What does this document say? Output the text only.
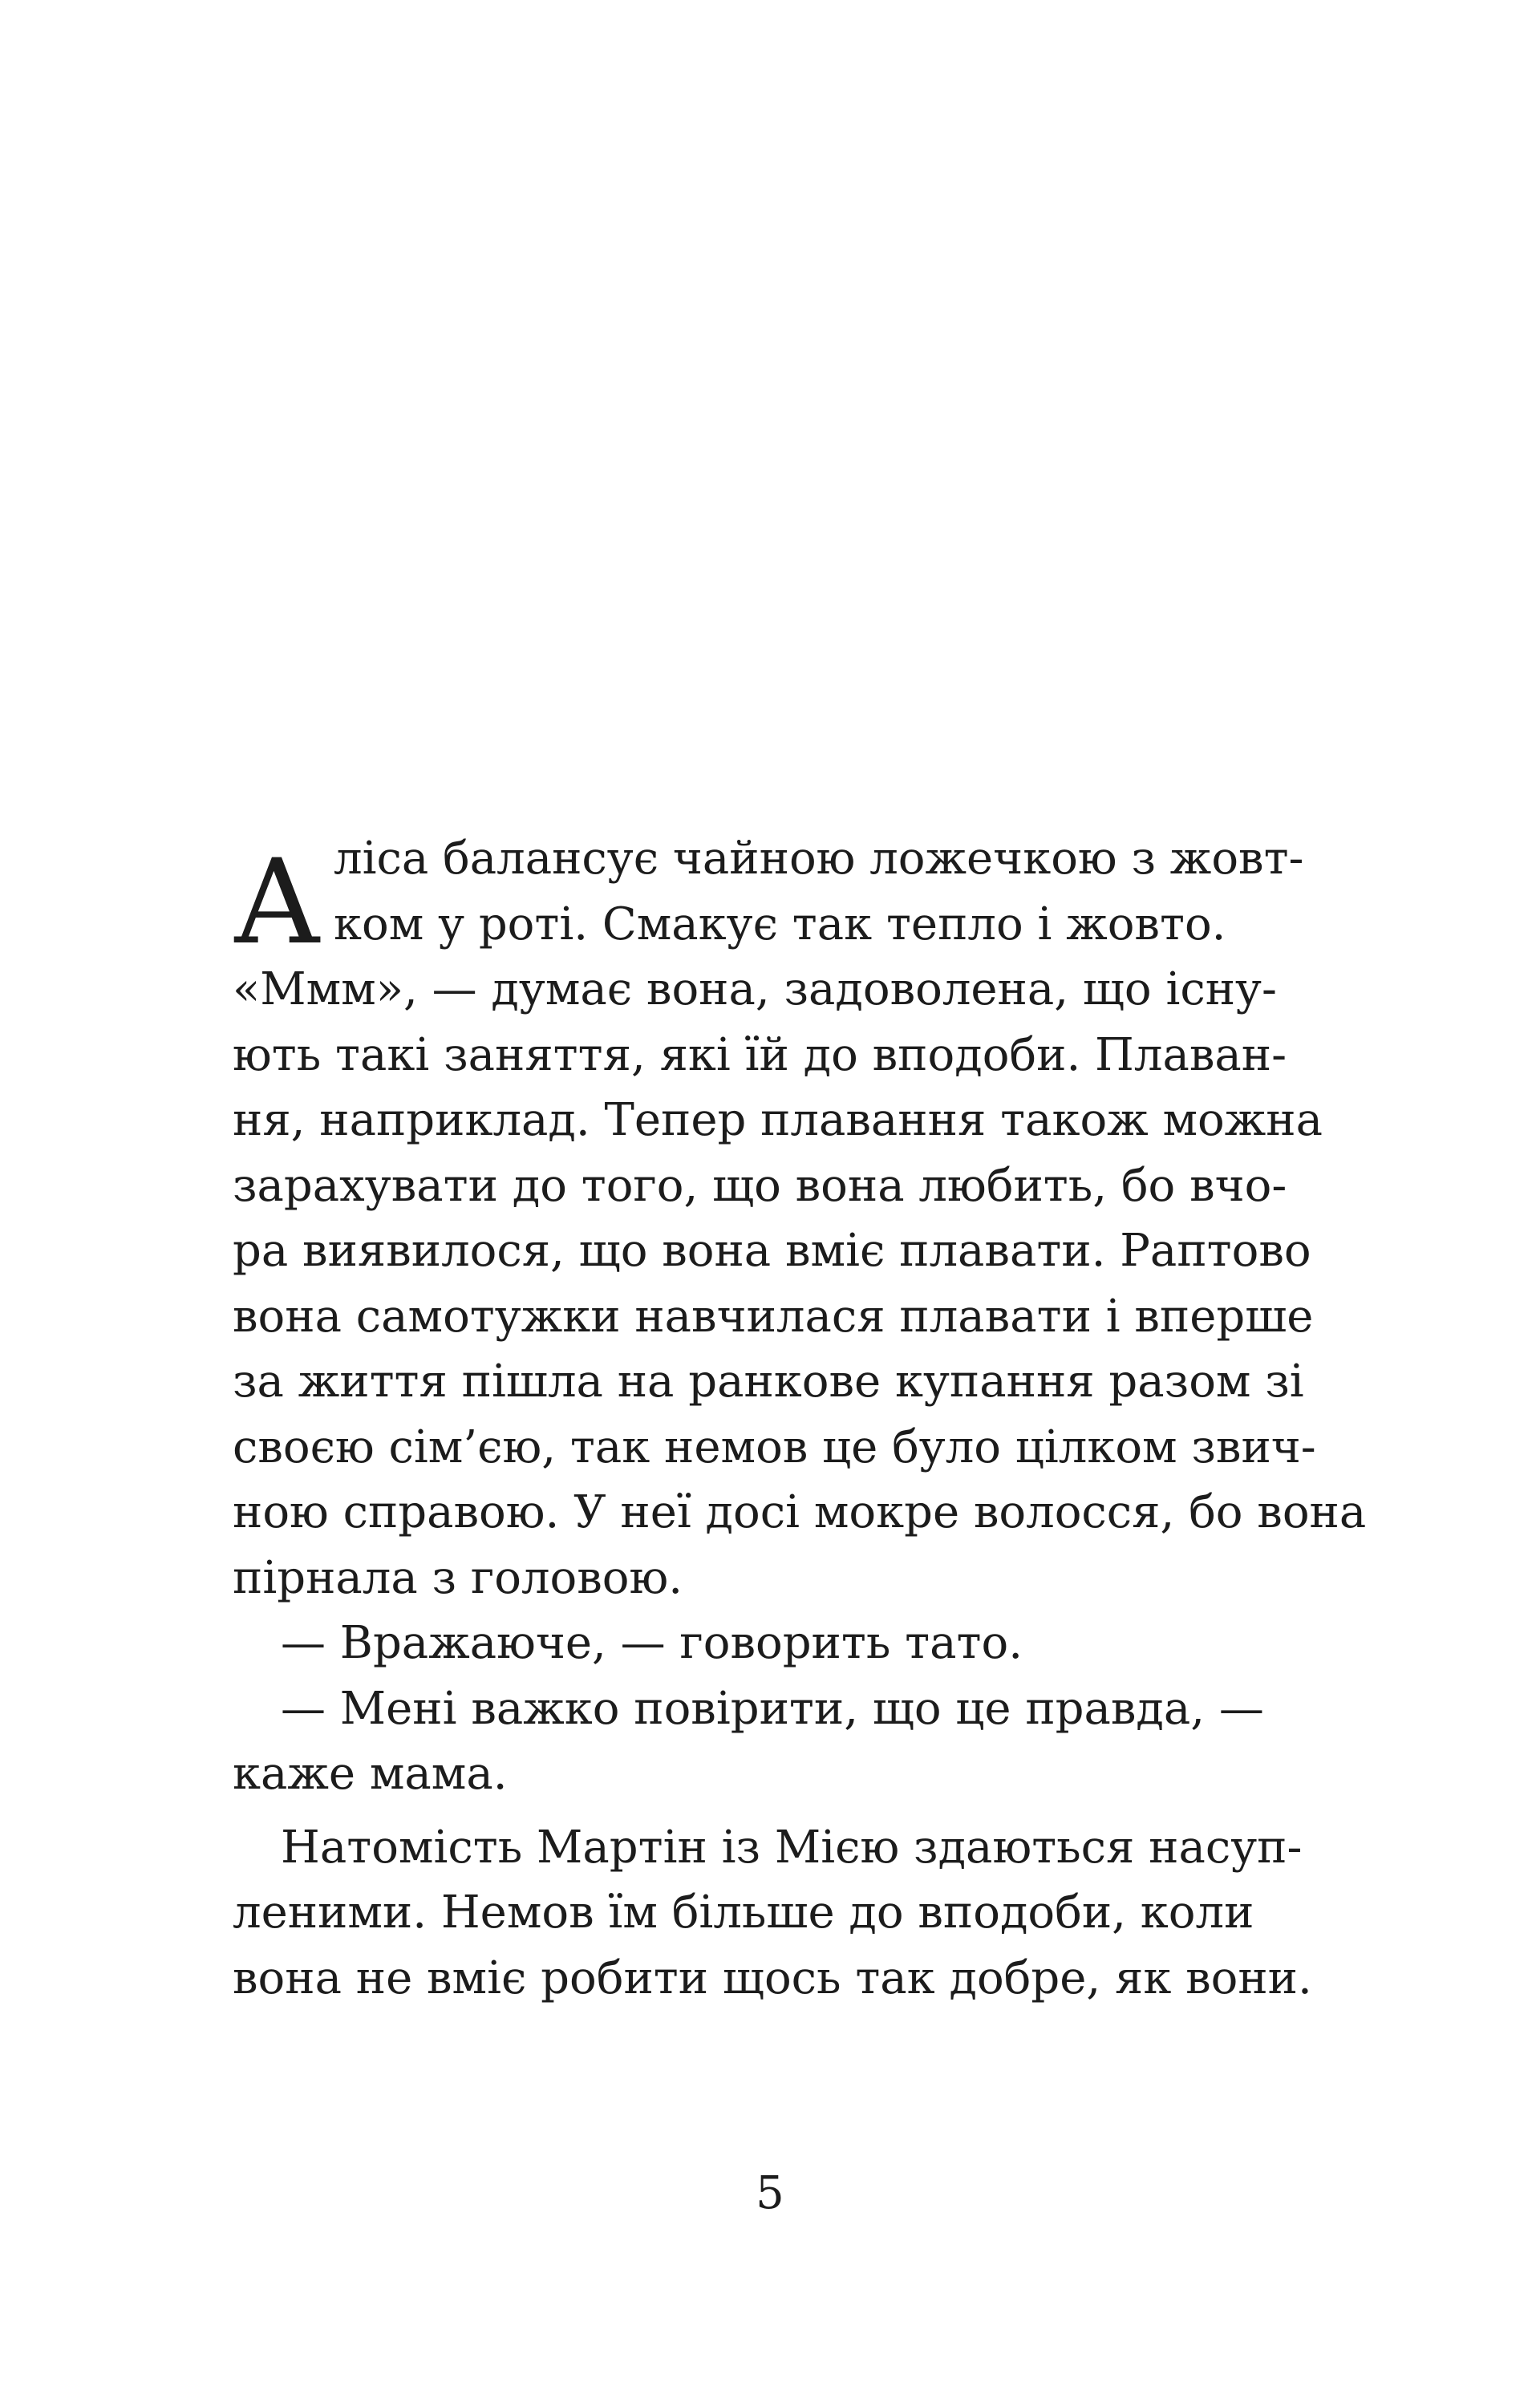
А ліса балансує чайною ложечкою з жовт-
ком у роті. Смакує так тепло і жовто.
«Ммм», — думає вона, задоволена, що існу-
ють такі заняття, які їй до вподоби. Плаван-
ня, наприклад. Тепер плавання також можна
зарахувати до того, що вона любить, бо вчо-
ра виявилося, що вона вміє плавати. Раптово
вона самотужки навчилася плавати і вперше
за життя пішла на ранкове купання разом зі
своєю сім’єю, так немов це було цілком звич-
ною справою. У неї досі мокре волосся, бо вона
пірнала з головою.
— Вражаюче, — говорить тато.
— Мені важко повірити, що це правда, —
каже мама.
Натомість Мартін із Мією здаються насуп-
леними. Немов їм більше до вподоби, коли
вона не вміє робити щось так добре, як вони.
5
